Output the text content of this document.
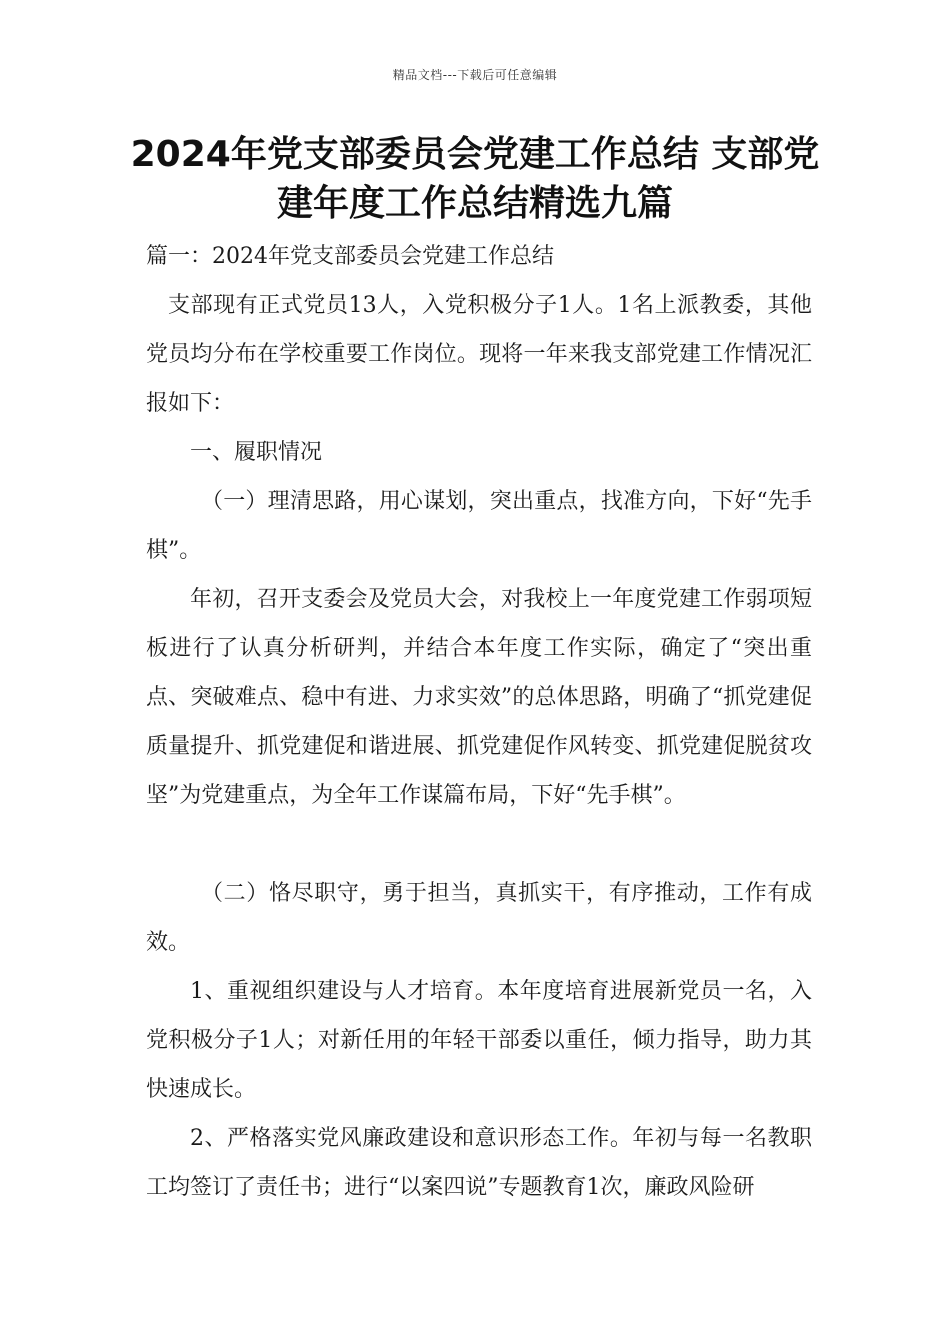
精品文档---下载后可任意编辑
2024年党支部委员会党建工作总结 支部党建年度工作总结精选九篇

篇一：2024年党支部委员会党建工作总结

支部现有正式党员13人，入党积极分子1人。1名上派教委，其他党员均分布在学校重要工作岗位。现将一年来我支部党建工作情况汇报如下：

一、履职情况

（一）理清思路，用心谋划，突出重点，找准方向，下好“先手棋”。

年初，召开支委会及党员大会，对我校上一年度党建工作弱项短板进行了认真分析研判，并结合本年度工作实际，确定了“突出重点、突破难点、稳中有进、力求实效”的总体思路，明确了“抓党建促质量提升、抓党建促和谐进展、抓党建促作风转变、抓党建促脱贫攻坚”为党建重点，为全年工作谋篇布局，下好“先手棋”。

（二）恪尽职守，勇于担当，真抓实干，有序推动，工作有成效。

1、重视组织建设与人才培育。本年度培育进展新党员一名，入党积极分子1人；对新任用的年轻干部委以重任，倾力指导，助力其快速成长。

2、严格落实党风廉政建设和意识形态工作。年初与每一名教职工均签订了责任书；进行“以案四说”专题教育1次，廉政风险研
